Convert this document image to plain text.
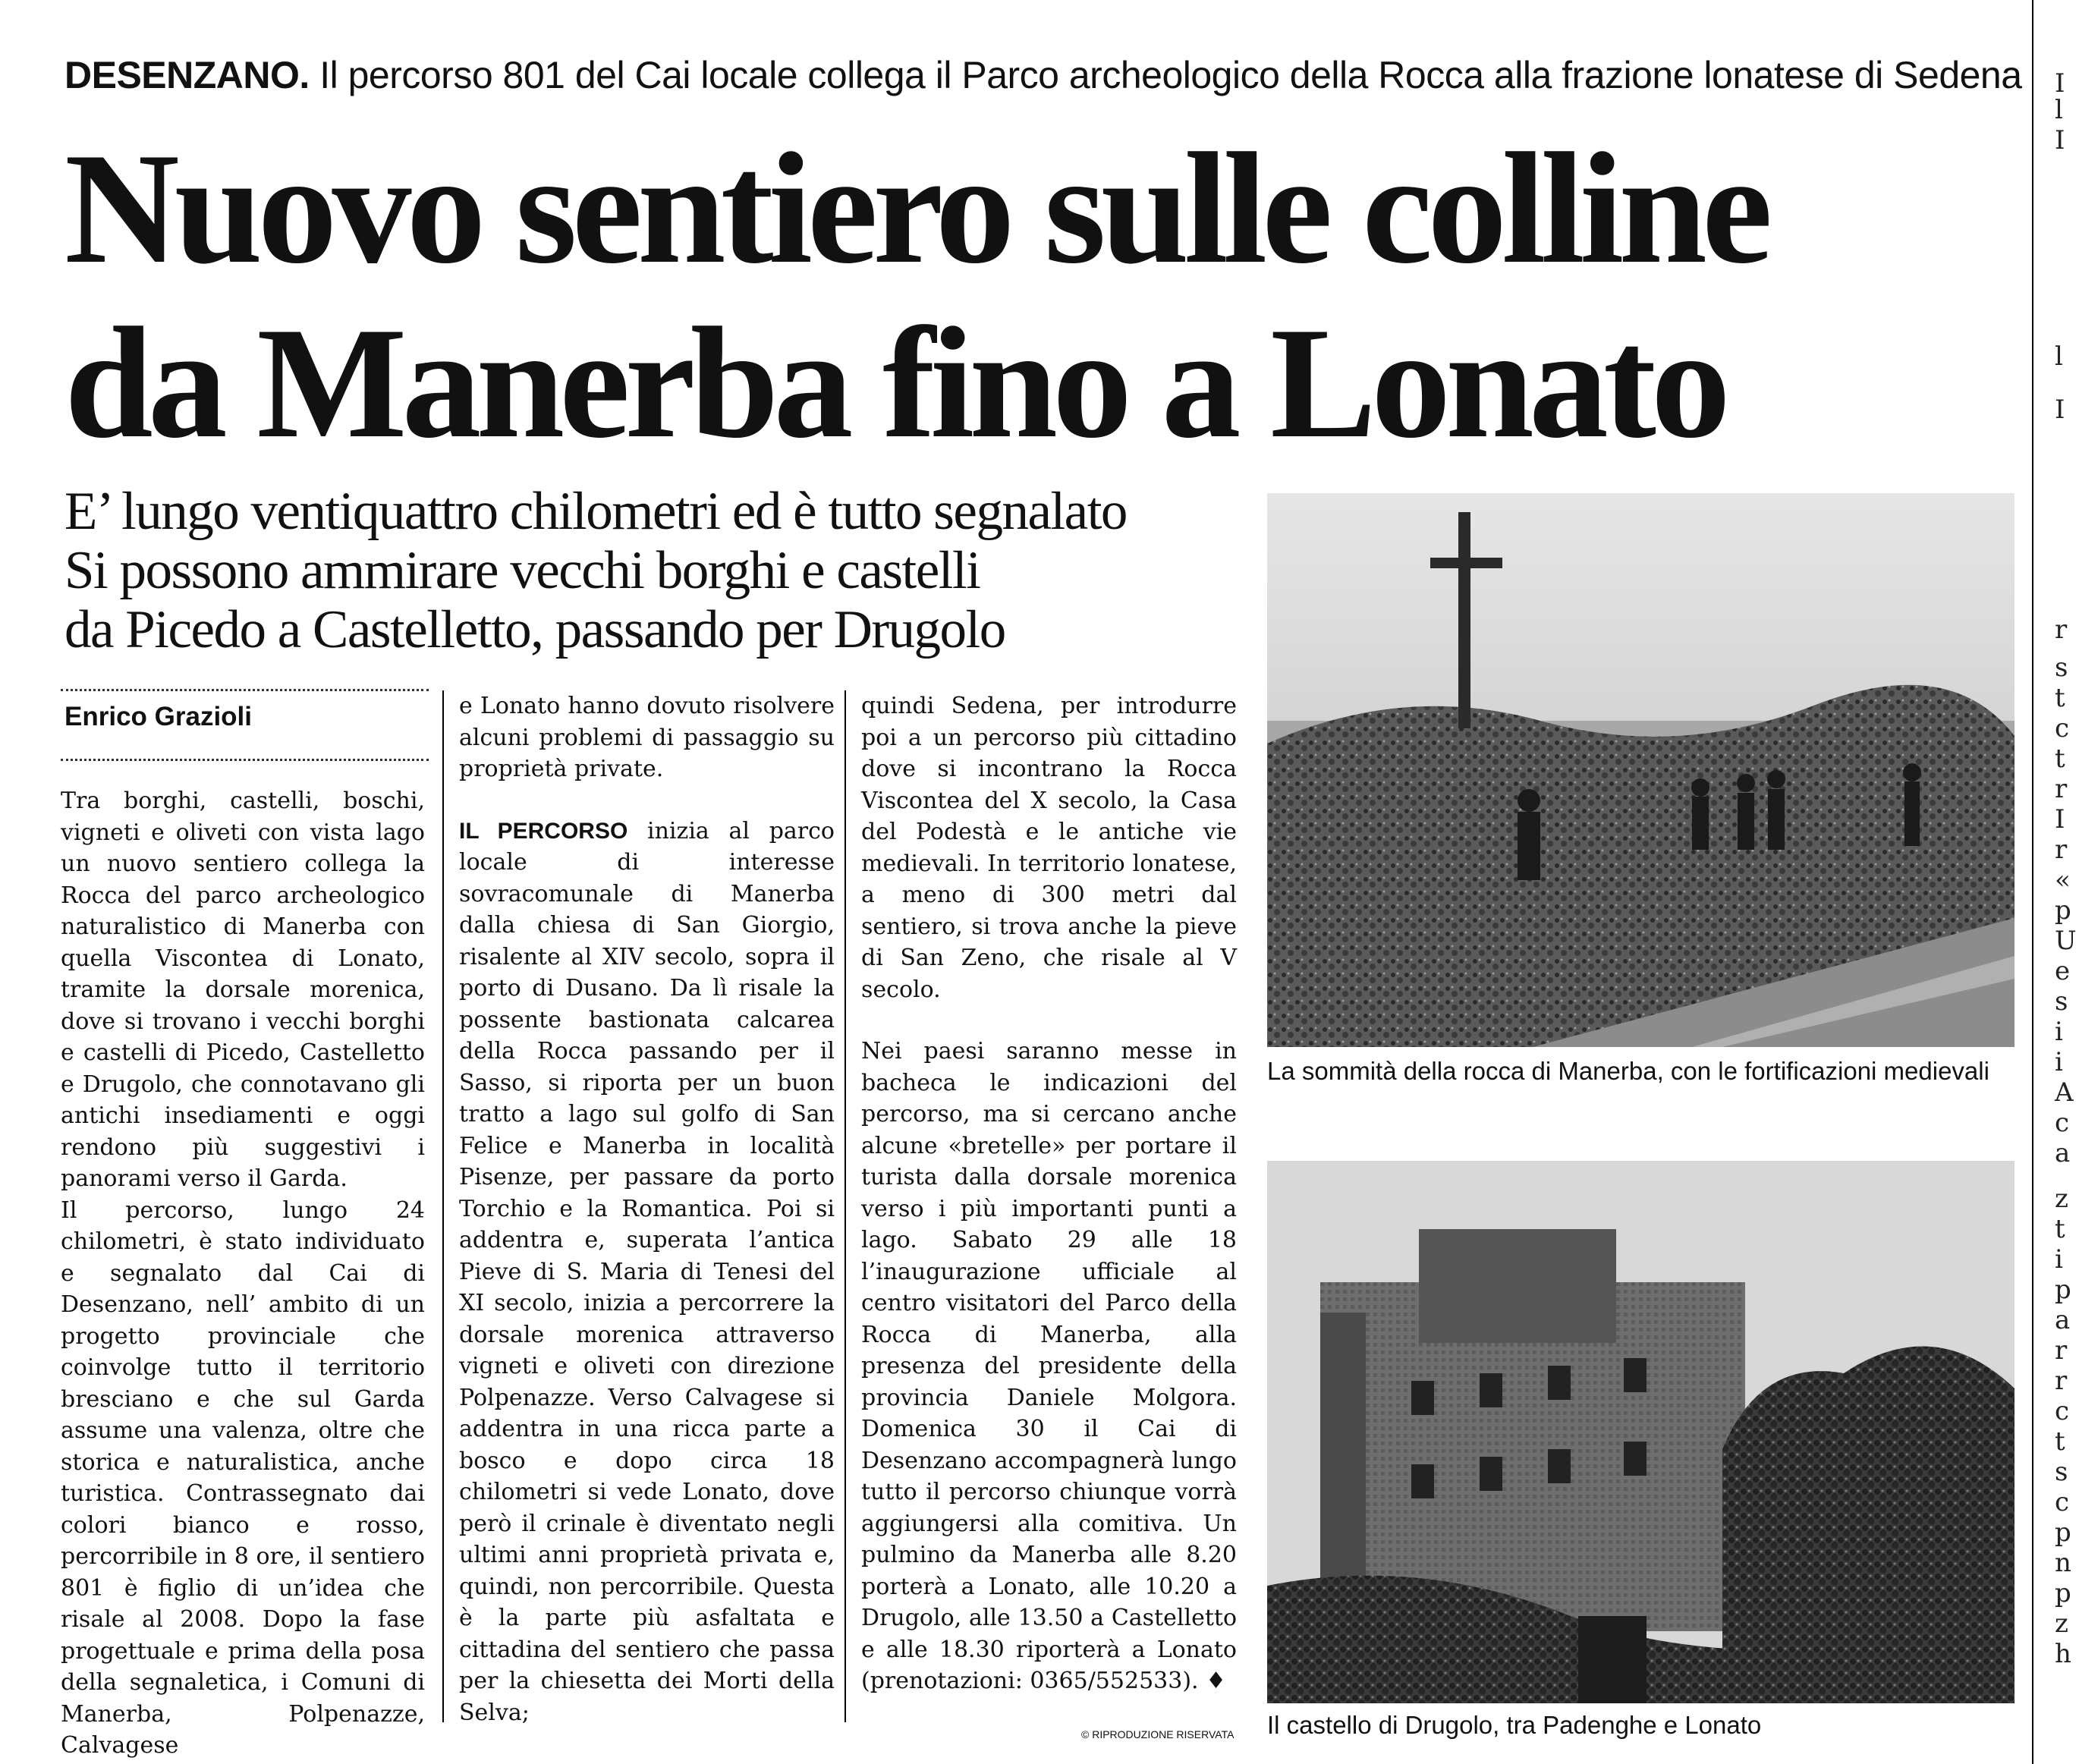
DESENZANO. Il percorso 801 del Cai locale collega il Parco archeologico della Rocca alla frazione lonatese di Sedena
Nuovo sentiero sulle colline
da Manerba fino a Lonato
E’ lungo ventiquattro chilometri ed è tutto segnalato
Si possono ammirare vecchi borghi e castelli
da Picedo a Castelletto, passando per Drugolo
Enrico Grazioli

Tra borghi, castelli, boschi, vigneti e oliveti con vista lago un nuovo sentiero collega la Rocca del parco archeologico naturalistico di Manerba con quella Viscontea di Lonato, tramite la dorsale morenica, dove si trovano i vecchi borghi e castelli di Picedo, Castelletto e Drugolo, che connotavano gli antichi insediamenti e oggi rendono più suggestivi i panorami verso il Garda.

Il percorso, lungo 24 chilometri, è stato individuato e segnalato dal Cai di Desenzano, nell’ ambito di un progetto provinciale che coinvolge tutto il territorio bresciano e che sul Garda assume una valenza, oltre che storica e naturalistica, anche turistica. Contrassegnato dai colori bianco e rosso, percorribile in 8 ore, il sentiero 801 è figlio di un’idea che risale al 2008. Dopo la fase progettuale e prima della posa della segnaletica, i Comuni di Manerba, Polpenazze, Calvagese

e Lonato hanno dovuto risolvere alcuni problemi di passaggio su proprietà private.

IL PERCORSO inizia al parco locale di interesse sovracomunale di Manerba dalla chiesa di San Giorgio, risalente al XIV secolo, sopra il porto di Dusano. Da lì risale la possente bastionata calcarea della Rocca passando per il Sasso, si riporta per un buon tratto a lago sul golfo di San Felice e Manerba in località Pisenze, per passare da porto Torchio e la Romantica. Poi si addentra e, superata l’antica Pieve di S. Maria di Tenesi del XI secolo, inizia a percorrere la dorsale morenica attraverso vigneti e oliveti con direzione Polpenazze. Verso Calvagese si addentra in una ricca parte a bosco e dopo circa 18 chilometri si vede Lonato, dove però il crinale è diventato negli ultimi anni proprietà privata e, quindi, non percorribile. Questa è la parte più asfaltata e cittadina del sentiero che passa per la chiesetta dei Morti della Selva;

quindi Sedena, per introdurre poi a un percorso più cittadino dove si incontrano la Rocca Viscontea del X secolo, la Casa del Podestà e le antiche vie medievali. In territorio lonatese, a meno di 300 metri dal sentiero, si trova anche la pieve di San Zeno, che risale al V secolo.

Nei paesi saranno messe in bacheca le indicazioni del percorso, ma si cercano anche alcune «bretelle» per portare il turista dalla dorsale morenica verso i più importanti punti a lago. Sabato 29 alle 18 l’inaugurazione ufficiale al centro visitatori del Parco della Rocca di Manerba, alla presenza del presidente della provincia Daniele Molgora. Domenica 30 il Cai di Desenzano accompagnerà lungo tutto il percorso chiunque vorrà aggiungersi alla comitiva. Un pulmino da Manerba alle 8.20 porterà a Lonato, alle 10.20 a Drugolo, alle 13.50 a Castelletto e alle 18.30 riporterà a Lonato (prenotazioni: 0365/552533). ♦

© RIPRODUZIONE RISERVATA
La sommità della rocca di Manerba, con le fortificazioni medievali
Il castello di Drugolo, tra Padenghe e Lonato
I
l
I
l
I
r
s
t
c
t
r
I
r
«
p
U
e
s
i
i
A
c
a
z
t
i
p
a
r
r
c
t
s
c
p
n
p
z
h
